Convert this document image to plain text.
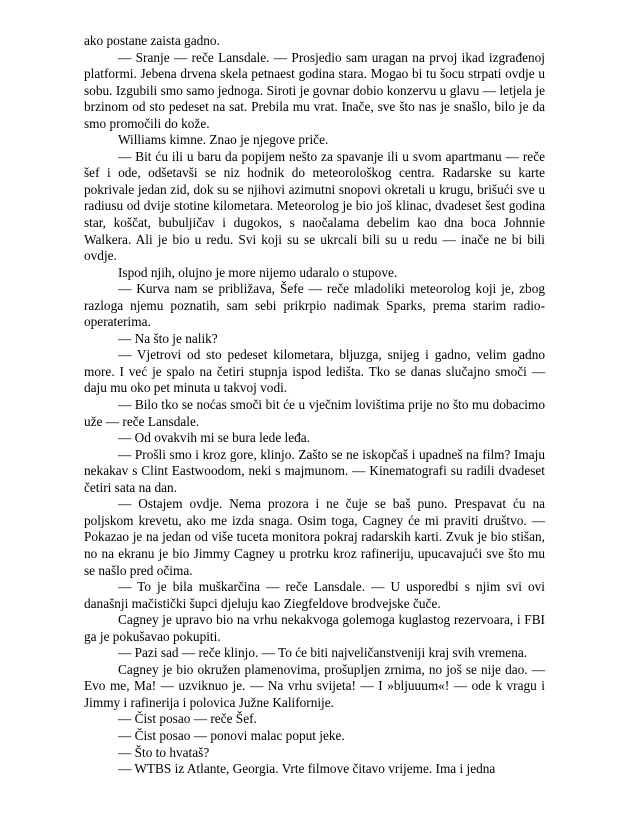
ako postane zaista gadno.

— Sranje — reče Lansdale. — Prosjedio sam uragan na prvoj ikad izgrađenoj platformi. Jebena drvena skela petnaest godina stara. Mogao bi tu šocu strpati ovdje u sobu. Izgubili smo samo jednoga. Siroti je govnar dobio konzervu u glavu — letjela je brzinom od sto pedeset na sat. Prebila mu vrat. Inače, sve što nas je snašlo, bilo je da smo promočili do kože.

Williams kimne. Znao je njegove priče.

— Bit ću ili u baru da popijem nešto za spavanje ili u svom apartmanu — reče šef i ode, odšetavši se niz hodnik do meteorološkog centra. Radarske su karte pokrivale jedan zid, dok su se njihovi azimutni snopovi okretali u krugu, brišući sve u radiusu od dvije stotine kilometara. Meteorolog je bio još klinac, dvadeset šest godina star, koščat, bubuljičav i dugokos, s naočalama debelim kao dna boca Johnnie Walkera. Ali je bio u redu. Svi koji su se ukrcali bili su u redu — inače ne bi bili ovdje.

Ispod njih, olujno je more nijemo udaralo o stupove.

— Kurva nam se približava, Šefe — reče mladoliki meteorolog koji je, zbog razloga njemu poznatih, sam sebi prikrpio nadimak Sparks, prema starim radio-operaterima.

— Na što je nalik?

— Vjetrovi od sto pedeset kilometara, bljuzga, snijeg i gadno, velim gadno more. I već je spalo na četiri stupnja ispod ledišta. Tko se danas slučajno smoči — daju mu oko pet minuta u takvoj vodi.

— Bilo tko se noćas smoči bit će u vječnim lovištima prije no što mu dobacimo uže — reče Lansdale.

— Od ovakvih mi se bura lede leđa.

— Prošli smo i kroz gore, klinjo. Zašto se ne iskopčaš i upadneš na film? Imaju nekakav s Clint Eastwoodom, neki s majmunom. — Kinematografi su radili dvadeset četiri sata na dan.

— Ostajem ovdje. Nema prozora i ne čuje se baš puno. Prespavat ću na poljskom krevetu, ako me izda snaga. Osim toga, Cagney će mi praviti društvo. — Pokazao je na jedan od više tuceta monitora pokraj radarskih karti. Zvuk je bio stišan, no na ekranu je bio Jimmy Cagney u protrku kroz rafineriju, upucavajući sve što mu se našlo pred očima.

— To je bila muškarčina — reče Lansdale. — U usporedbi s njim svi ovi današnji mačistički šupci djeluju kao Ziegfeldove brodvejske čuče.

Cagney je upravo bio na vrhu nekakvoga golemoga kuglastog rezervoara, i FBI ga je pokušavao pokupiti.

— Pazi sad — reče klinjo. — To će biti najveličanstveniji kraj svih vremena.

Cagney je bio okružen plamenovima, prošupljen zrnima, no još se nije dao. — Evo me, Ma! — uzviknuo je. — Na vrhu svijeta! — I »bljuuum«! — ode k vragu i Jimmy i rafinerija i polovica Južne Kalifornije.

— Čist posao — reče Šef.

— Čist posao — ponovi malac poput jeke.

— Što to hvataš?

— WTBS iz Atlante, Georgia. Vrte filmove čitavo vrijeme. Ima i jedna
